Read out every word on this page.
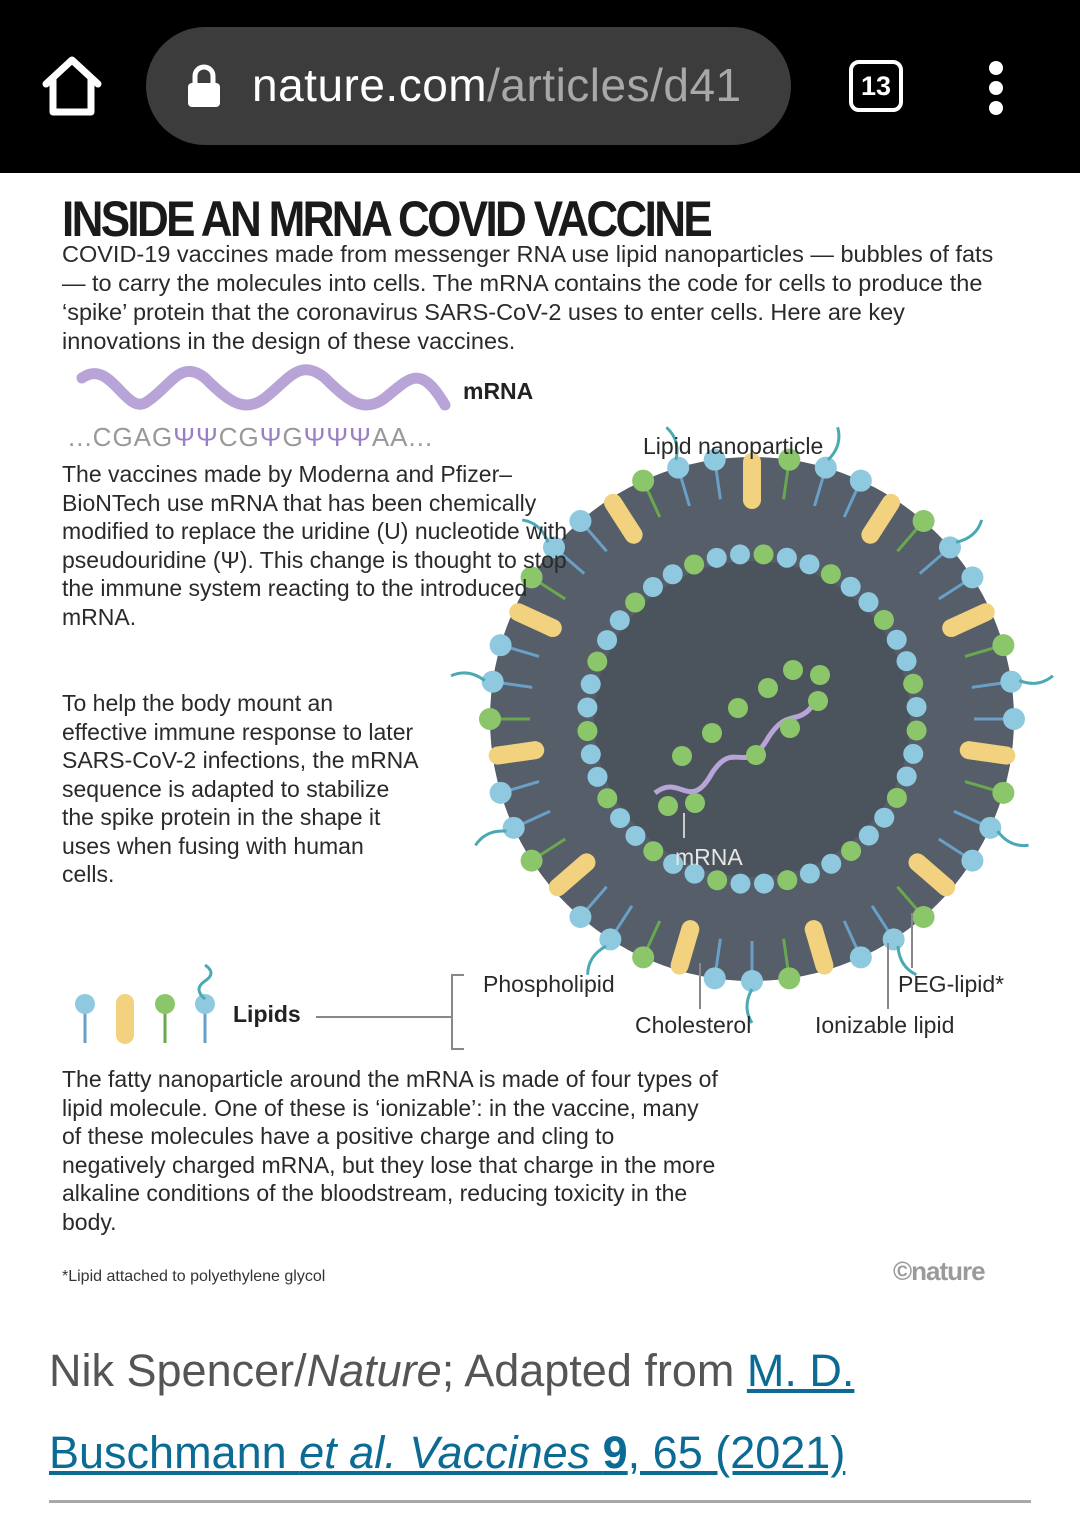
nature.com/articles/d41	13
INSIDE AN MRNA COVID VACCINE
COVID-19 vaccines made from messenger RNA use lipid nanoparticles — bubbles of fats — to carry the molecules into cells. The mRNA contains the code for cells to produce the ‘spike’ protein that the coronavirus SARS-CoV-2 uses to enter cells. Here are key innovations in the design of these vaccines.
mRNA
...CGAGΨΨCGΨGΨΨΨAA...
The vaccines made by Moderna and Pfizer–BioNTech use mRNA that has been chemically modified to replace the uridine (U) nucleotide with pseudouridine (Ψ). This change is thought to stop the immune system reacting to the introduced mRNA.
To help the body mount an effective immune response to later SARS-CoV-2 infections, the mRNA sequence is adapted to stabilize the spike protein in the shape it uses when fusing with human cells.
Lipid nanoparticle
mRNA
Phospholipid
Cholesterol	Ionizable lipid
PEG-lipid*
Lipids
The fatty nanoparticle around the mRNA is made of four types of lipid molecule. One of these is ‘ionizable’: in the vaccine, many of these molecules have a positive charge and cling to negatively charged mRNA, but they lose that charge in the more alkaline conditions of the bloodstream, reducing toxicity in the body.
*Lipid attached to polyethylene glycol	©nature
Nik Spencer/Nature; Adapted from M. D. Buschmann et al. Vaccines 9, 65 (2021)
